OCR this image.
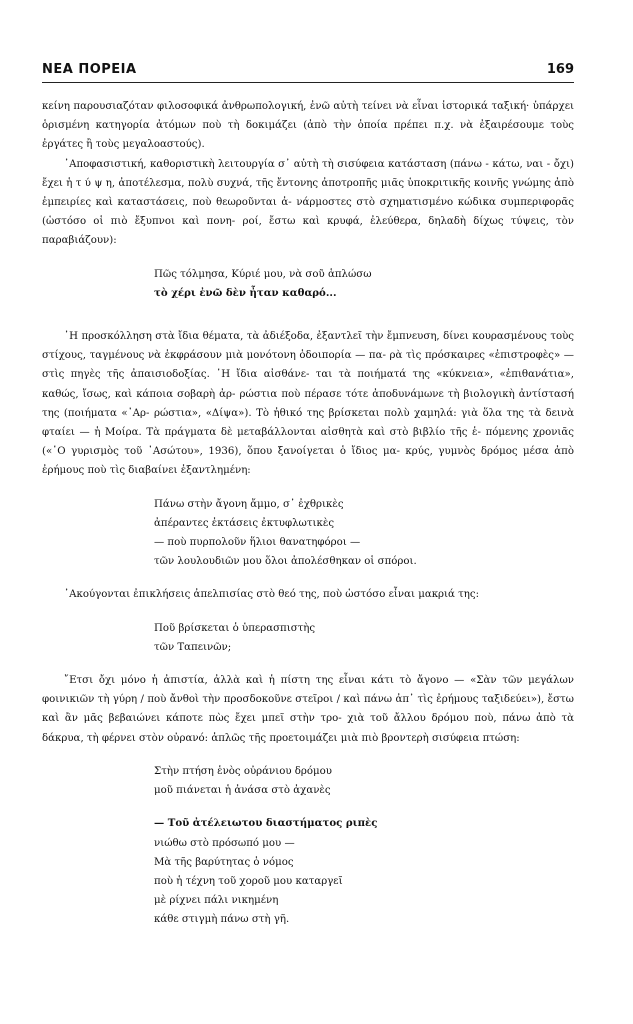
ΝΕΑ ΠΟΡΕΙΑ	169

κείνη παρουσιαζόταν φιλοσοφικά ἀνθρωπολογική, ἐνῶ αὐτὴ τείνει νὰ εἶναι ἱστορικά ταξική· ὑπάρχει ὁρισμένη κατηγορία ἀτόμων ποὺ τὴ δοκιμάζει (ἀπὸ τὴν ὁποία πρέπει π.χ. νὰ ἐξαιρέσουμε τοὺς ἐργάτες ἢ τοὺς μεγαλοαστούς).

᾿Αποφασιστική, καθοριστικὴ λειτουργία σ᾿ αὐτὴ τὴ σισύφεια κατάσταση (πάνω - κάτω, ναι - ὄχι) ἔχει ἡ τ ύ ψ η, ἀποτέλεσμα, πολὺ συχνά, τῆς ἔντονης ἀποτροπῆς μιᾶς ὑποκριτικῆς κοινῆς γνώμης ἀπὸ ἐμπειρίες καὶ καταστάσεις, ποὺ θεωροῦνται ἀ- νάρμοστες στὸ σχηματισμένο κώδικα συμπεριφορᾶς (ὡστόσο οἱ πιὸ ἔξυπνοι καὶ πονη- ροί, ἔστω καὶ κρυφά, ἐλεύθερα, δηλαδὴ δίχως τύψεις, τὸν παραβιάζουν):

Πῶς τόλμησα, Κύριέ μου, νὰ σοῦ ἁπλώσω
τὸ χέρι ἐνῶ δὲν ἦταν καθαρό...

῾Η προσκόλληση στὰ ἴδια θέματα, τὰ ἀδιέξοδα, ἐξαντλεῖ τὴν ἔμπνευση, δίνει κουρασμένους τοὺς στίχους, ταγμένους νὰ ἐκφράσουν μιὰ μονότονη ὁδοιπορία — πα- ρὰ τὶς πρόσκαιρες «ἐπιστροφὲς» — στὶς πηγὲς τῆς ἀπαισιοδοξίας. ῾Η ἴδια αἰσθάνε- ται τὰ ποιήματά της «κύκνεια», «ἐπιθανάτια», καθώς, ἴσως, καὶ κάποια σοβαρὴ ἀρ- ρώστια ποὺ πέρασε τότε ἀποδυνάμωνε τὴ βιολογικὴ ἀντίστασή της (ποιήματα «᾿Αρ- ρώστια», «Δίψα»). Τὸ ἠθικό της βρίσκεται πολὺ χαμηλά: γιὰ ὅλα της τὰ δεινὰ φταίει — ἡ Μοίρα. Τὰ πράγματα δὲ μεταβάλλονται αἰσθητὰ καὶ στὸ βιβλίο τῆς ἑ- πόμενης χρονιᾶς («῾Ο γυρισμὸς τοῦ ᾿Ασώτου», 1936), ὅπου ξανοίγεται ὁ ἴδιος μα- κρύς, γυμνὸς δρόμος μέσα ἀπὸ ἐρήμους ποὺ τὶς διαβαίνει ἐξαντλημένη:

Πάνω στὴν ἄγονη ἄμμο, σ᾿ ἐχθρικὲς
ἀπέραντες ἐκτάσεις ἐκτυφλωτικὲς
— ποὺ πυρπολοῦν ἥλιοι θανατηφόροι —
τῶν λουλουδιῶν μου ὅλοι ἀπολέσθηκαν οἱ σπόροι.

᾿Ακούγονται ἐπικλήσεις ἀπελπισίας στὸ θεό της, ποὺ ὡστόσο εἶναι μακριά της:

Ποῦ βρίσκεται ὁ ὑπερασπιστὴς
τῶν Ταπεινῶν;

῎Ετσι ὄχι μόνο ἡ ἀπιστία, ἀλλὰ καὶ ἡ πίστη της εἶναι κάτι τὸ ἄγονο — «Σὰν τῶν μεγάλων φοινικιῶν τὴ γύρη / ποὺ ἄνθοὶ τὴν προσδοκοῦνε στεῖροι / καὶ πάνω ἀπ᾿ τὶς ἐρήμους ταξιδεύει»), ἔστω καὶ ἂν μᾶς βεβαιώνει κάποτε πὼς ἔχει μπεῖ στὴν τρο- χιὰ τοῦ ἄλλου δρόμου ποὺ, πάνω ἀπὸ τὰ δάκρυα, τὴ φέρνει στὸν οὐρανό: ἁπλῶς τῆς προετοιμάζει μιὰ πιὸ βροντερὴ σισύφεια πτώση:

Στὴν πτήση ἑνὸς οὐράνιου δρόμου
μοῦ πιάνεται ἡ ἀνάσα στὸ ἀχανὲς
— Τοῦ ἀτέλειωτου διαστήματος ριπὲς
νιώθω στὸ πρόσωπό μου —
Μὰ τῆς βαρύτητας ὁ νόμος
ποὺ ἡ τέχνη τοῦ χοροῦ μου καταργεῖ
μὲ ρίχνει πάλι νικημένη
κάθε στιγμὴ πάνω στὴ γῆ.
